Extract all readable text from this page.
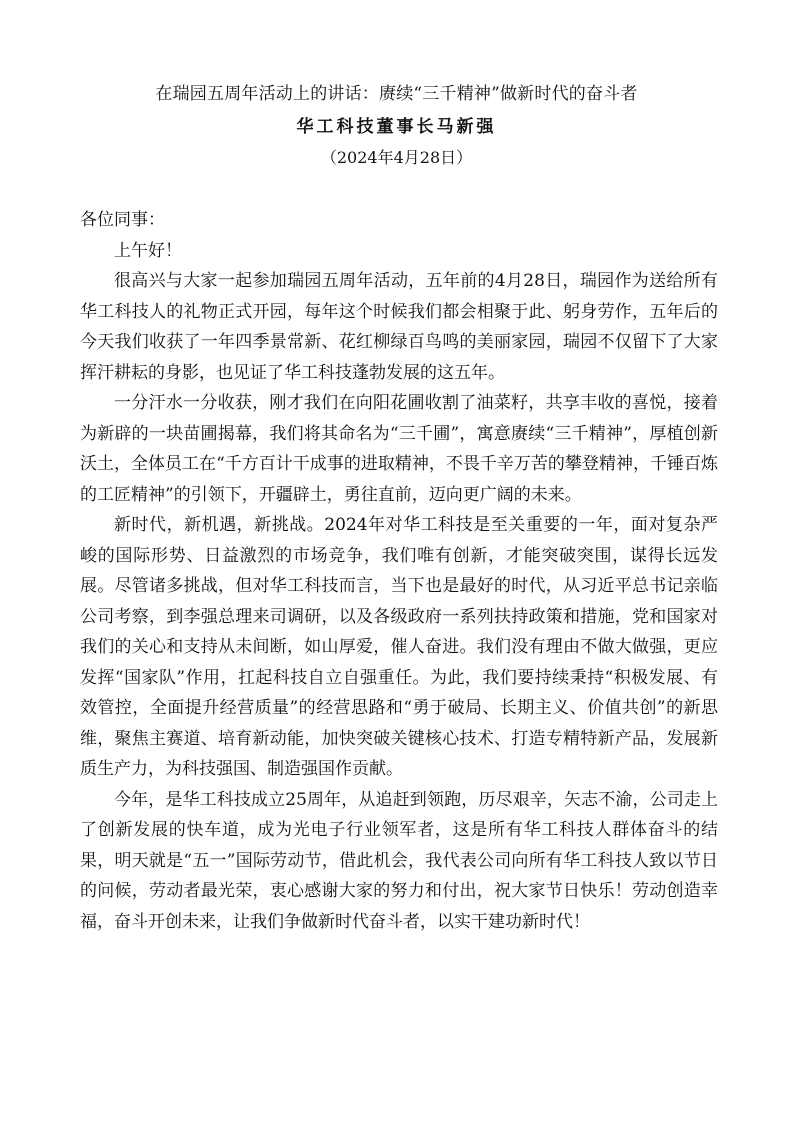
在瑞园五周年活动上的讲话：赓续“三千精神”做新时代的奋斗者
华工科技董事长马新强
（2024年4月28日）

各位同事：

上午好！

很高兴与大家一起参加瑞园五周年活动，五年前的4月28日，瑞园作为送给所有华工科技人的礼物正式开园，每年这个时候我们都会相聚于此、躬身劳作，五年后的今天我们收获了一年四季景常新、花红柳绿百鸟鸣的美丽家园，瑞园不仅留下了大家挥汗耕耘的身影，也见证了华工科技蓬勃发展的这五年。

一分汗水一分收获，刚才我们在向阳花圃收割了油菜籽，共享丰收的喜悦，接着为新辟的一块苗圃揭幕，我们将其命名为“三千圃”，寓意赓续“三千精神”，厚植创新沃土，全体员工在“千方百计干成事的进取精神，不畏千辛万苦的攀登精神，千锤百炼的工匠精神”的引领下，开疆辟土，勇往直前，迈向更广阔的未来。

新时代，新机遇，新挑战。2024年对华工科技是至关重要的一年，面对复杂严峻的国际形势、日益激烈的市场竞争，我们唯有创新，才能突破突围，谋得长远发展。尽管诸多挑战，但对华工科技而言，当下也是最好的时代，从习近平总书记亲临公司考察，到李强总理来司调研，以及各级政府一系列扶持政策和措施，党和国家对我们的关心和支持从未间断，如山厚爱，催人奋进。我们没有理由不做大做强，更应发挥“国家队”作用，扛起科技自立自强重任。为此，我们要持续秉持“积极发展、有效管控，全面提升经营质量”的经营思路和“勇于破局、长期主义、价值共创”的新思维，聚焦主赛道、培育新动能，加快突破关键核心技术、打造专精特新产品，发展新质生产力，为科技强国、制造强国作贡献。

今年，是华工科技成立25周年，从追赶到领跑，历尽艰辛，矢志不渝，公司走上了创新发展的快车道，成为光电子行业领军者，这是所有华工科技人群体奋斗的结果，明天就是“五一”国际劳动节，借此机会，我代表公司向所有华工科技人致以节日的问候，劳动者最光荣，衷心感谢大家的努力和付出，祝大家节日快乐！劳动创造幸福，奋斗开创未来，让我们争做新时代奋斗者，以实干建功新时代！
